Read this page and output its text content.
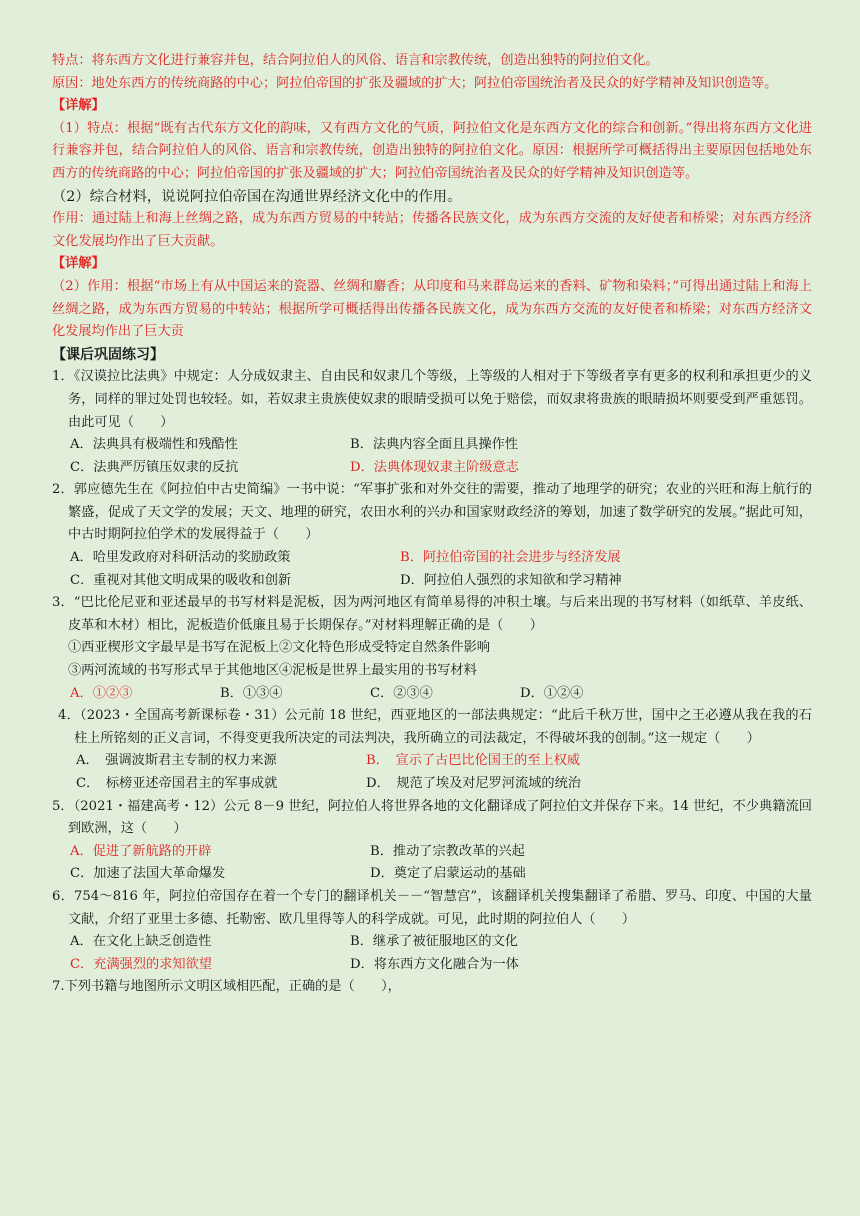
特点：将东西方文化进行兼容并包，结合阿拉伯人的风俗、语言和宗教传统，创造出独特的阿拉伯文化。
原因：地处东西方的传统商路的中心；阿拉伯帝国的扩张及疆域的扩大；阿拉伯帝国统治者及民众的好学精神及知识创造等。
【详解】
（1）特点：根据“既有古代东方文化的韵味，又有西方文化的气质，阿拉伯文化是东西方文化的综合和创新。”得出将东西方文化进行兼容并包，结合阿拉伯人的风俗、语言和宗教传统，创造出独特的阿拉伯文化。原因：根据所学可概括得出主要原因包括地处东西方的传统商路的中心；阿拉伯帝国的扩张及疆域的扩大；阿拉伯帝国统治者及民众的好学精神及知识创造等。
（2）综合材料，说说阿拉伯帝国在沟通世界经济文化中的作用。
作用：通过陆上和海上丝绸之路，成为东西方贸易的中转站；传播各民族文化，成为东西方交流的友好使者和桥梁；对东西方经济文化发展均作出了巨大贡献。
【详解】
（2）作用：根据“市场上有从中国运来的瓷器、丝绸和麝香；从印度和马来群岛运来的香料、矿物和染料；”可得出通过陆上和海上丝绸之路，成为东西方贸易的中转站；根据所学可概括得出传播各民族文化，成为东西方交流的友好使者和桥梁；对东西方经济文化发展均作出了巨大贡
【课后巩固练习】
1．《汉谟拉比法典》中规定：人分成奴隶主、自由民和奴隶几个等级，上等级的人相对于下等级者享有更多的权利和承担更少的义务，同样的罪过处罚也较轻。如，若奴隶主贵族使奴隶的眼睛受损可以免于赔偿，而奴隶将贵族的眼睛损坏则要受到严重惩罚。由此可见（　　）
A．法典具有极端性和残酷性	B．法典内容全面且具操作性
C．法典严厉镇压奴隶的反抗	D．法典体现奴隶主阶级意志
2．郭应德先生在《阿拉伯中古史简编》一书中说：“军事扩张和对外交往的需要，推动了地理学的研究；农业的兴旺和海上航行的繁盛，促成了天文学的发展；天文、地理的研究，农田水利的兴办和国家财政经济的筹划，加速了数学研究的发展。”据此可知，中古时期阿拉伯学术的发展得益于（　　）
A．哈里发政府对科研活动的奖励政策	B．阿拉伯帝国的社会进步与经济发展
C．重视对其他文明成果的吸收和创新	D．阿拉伯人强烈的求知欲和学习精神
3．“巴比伦尼亚和亚述最早的书写材料是泥板，因为两河地区有简单易得的冲积土壤。与后来出现的书写材料（如纸草、羊皮纸、皮革和木材）相比，泥板造价低廉且易于长期保存。”对材料理解正确的是（　　）
①西亚楔形文字最早是书写在泥板上②文化特色形成受特定自然条件影响
③两河流域的书写形式早于其他地区④泥板是世界上最实用的书写材料
A．①②③	B．①③④	C．②③④	D．①②④
4．（2023・全国高考新课标卷・31）公元前 18 世纪，西亚地区的一部法典规定：“此后千秋万世，国中之王必遵从我在我的石柱上所铭刻的正义言词，不得变更我所决定的司法判决，我所确立的司法裁定，不得破坏我的创制。”这一规定（　　）
A．　强调波斯君主专制的权力来源	B．　宣示了古巴比伦国王的至上权威
C．　标榜亚述帝国君主的军事成就	D．　规范了埃及对尼罗河流域的统治
5．（2021・福建高考・12）公元 8－9 世纪，阿拉伯人将世界各地的文化翻译成了阿拉伯文并保存下来。14 世纪，不少典籍流回到欧洲，这（　　）
A．促进了新航路的开辟	B．推动了宗教改革的兴起
C．加速了法国大革命爆发	D．奠定了启蒙运动的基础
6．754～816 年，阿拉伯帝国存在着一个专门的翻译机关－－“智慧宫”，该翻译机关搜集翻译了希腊、罗马、印度、中国的大量文献，介绍了亚里士多德、托勒密、欧几里得等人的科学成就。可见，此时期的阿拉伯人（　　）
A．在文化上缺乏创造性	B．继承了被征服地区的文化
C．充满强烈的求知欲望	D．将东西方文化融合为一体
7.下列书籍与地图所示文明区域相匹配，正确的是（　　），
